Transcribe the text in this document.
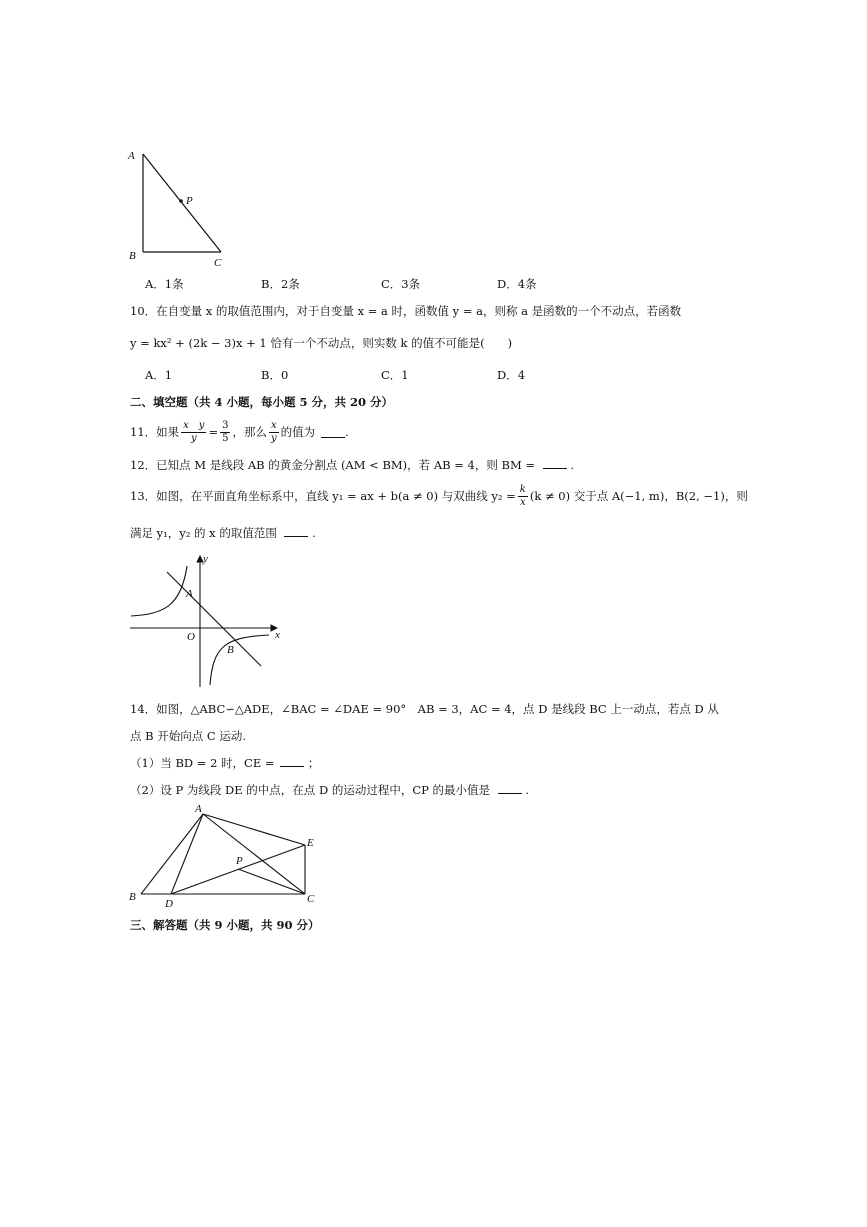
A
P
B
C
A．1条	B．2条	C．3条	D．4条
10．在自变量 x 的取值范围内，对于自变量 x = a 时，函数值 y = a，则称 a 是函数的一个不动点，若函数
y = kx² + (2k − 3)x + 1 恰有一个不动点，则实数 k 的值不可能是(　　)
A．1	B．0	C．1	D．4
二、填空题（共 4 小题，每小题 5 分，共 20 分）
11．如果 $\frac{\text{x　y}}{y} = \frac{3}{5}$ ，那么 $\frac{x}{y}$ 的值为	.
12．已知点 M 是线段 AB 的黄金分割点 (AM < BM)，若 AB = 4，则 BM =	.
13．如图，在平面直角坐标系中，直线 y₁ = ax + b(a ≠ 0) 与双曲线 $y_2 = \frac{k}{x} (k \ne 0)$ 交于点 A(−1, m)，B(2, −1)，则
满足 y₁，y₂ 的 x 的取值范围	.
y
A
O	x
B
14．如图，△ABC∽△ADE，∠BAC = ∠DAE = 90°　AB = 3，AC = 4，点 D 是线段 BC 上一动点，若点 D 从
点 B 开始向点 C 运动.
（1）当 BD = 2 时，CE =	；
（2）设 P 为线段 DE 的中点，在点 D 的运动过程中，CP 的最小值是	.
A
E
P
B
D	C
三、解答题（共 9 小题，共 90 分）
